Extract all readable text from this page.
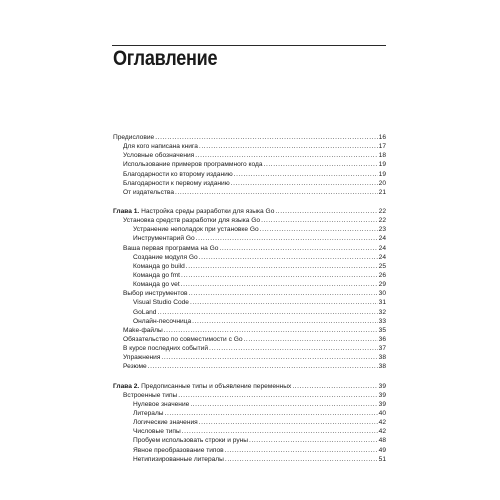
Оглавление
Предисловие .....	16
Для кого написана книга .....	17
Условные обозначения .....	18
Использование примеров программного кода .....	19
Благодарности ко второму изданию .....	19
Благодарности к первому изданию .....	20
От издательства .....	21
Глава 1. Настройка среды разработки для языка Go .....	22
Установка средств разработки для языка Go .....	22
Устранение неполадок при установке Go .....	23
Инструментарий Go .....	24
Ваша первая программа на Go .....	24
Создание модуля Go .....	24
Команда go build .....	25
Команда go fmt .....	26
Команда go vet .....	29
Выбор инструментов .....	30
Visual Studio Code .....	31
GoLand .....	32
Онлайн-песочница .....	33
Make-файлы .....	35
Обязательство по совместимости с Go .....	36
В курсе последних событий .....	37
Упражнения .....	38
Резюме .....	38
Глава 2. Предописанные типы и объявление переменных .....	39
Встроенные типы .....	39
Нулевое значение .....	39
Литералы .....	40
Логические значения .....	42
Числовые типы .....	42
Пробуем использовать строки и руны .....	48
Явное преобразование типов .....	49
Нетипизированные литералы .....	51
